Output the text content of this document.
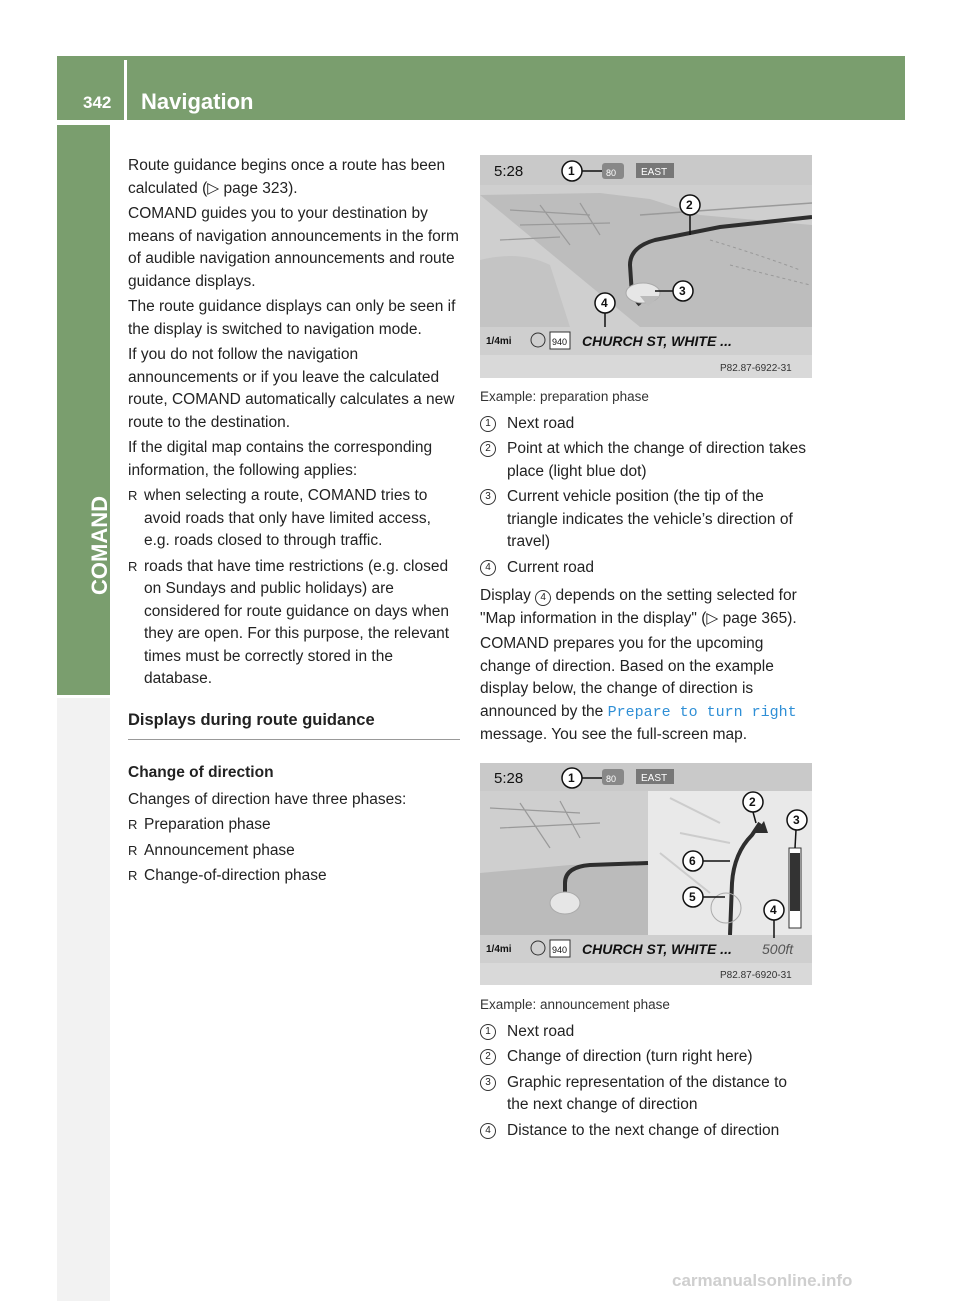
342 Navigation
COMAND

Route guidance begins once a route has been calculated (▷ page 323).

COMAND guides you to your destination by means of navigation announcements in the form of audible navigation announcements and route guidance displays.

The route guidance displays can only be seen if the display is switched to navigation mode.

If you do not follow the navigation announcements or if you leave the calculated route, COMAND automatically calculates a new route to the destination.

If the digital map contains the corresponding information, the following applies:

R when selecting a route, COMAND tries to avoid roads that only have limited access, e.g. roads closed to through traffic.
R roads that have time restrictions (e.g. closed on Sundays and public holidays) are considered for route guidance on days when they are open. For this purpose, the relevant times must be correctly stored in the database.
Displays during route guidance
Change of direction

Changes of direction have three phases:

R Preparation phase
R Announcement phase
R Change-of-direction phase
5:28	80 EAST
1
2
3
4
1/4mi	940 CHURCH ST, WHITE ...
P82.87-6922-31
Example: preparation phase
1	Next road
2	Point at which the change of direction takes place (light blue dot)
3	Current vehicle position (the tip of the triangle indicates the vehicle’s direction of travel)
4	Current road

Display 4 depends on the setting selected for "Map information in the display" (▷ page 365).

COMAND prepares you for the upcoming change of direction. Based on the example display below, the change of direction is announced by the Prepare to turn right message. You see the full-screen map.

5:28	80 EAST
1
2
3
4
5
6
1/4mi	940 CHURCH ST, WHITE ... 500ft
P82.87-6920-31
Example: announcement phase
1	Next road
2	Change of direction (turn right here)
3	Graphic representation of the distance to the next change of direction
4	Distance to the next change of direction
carmanualsonline.info
